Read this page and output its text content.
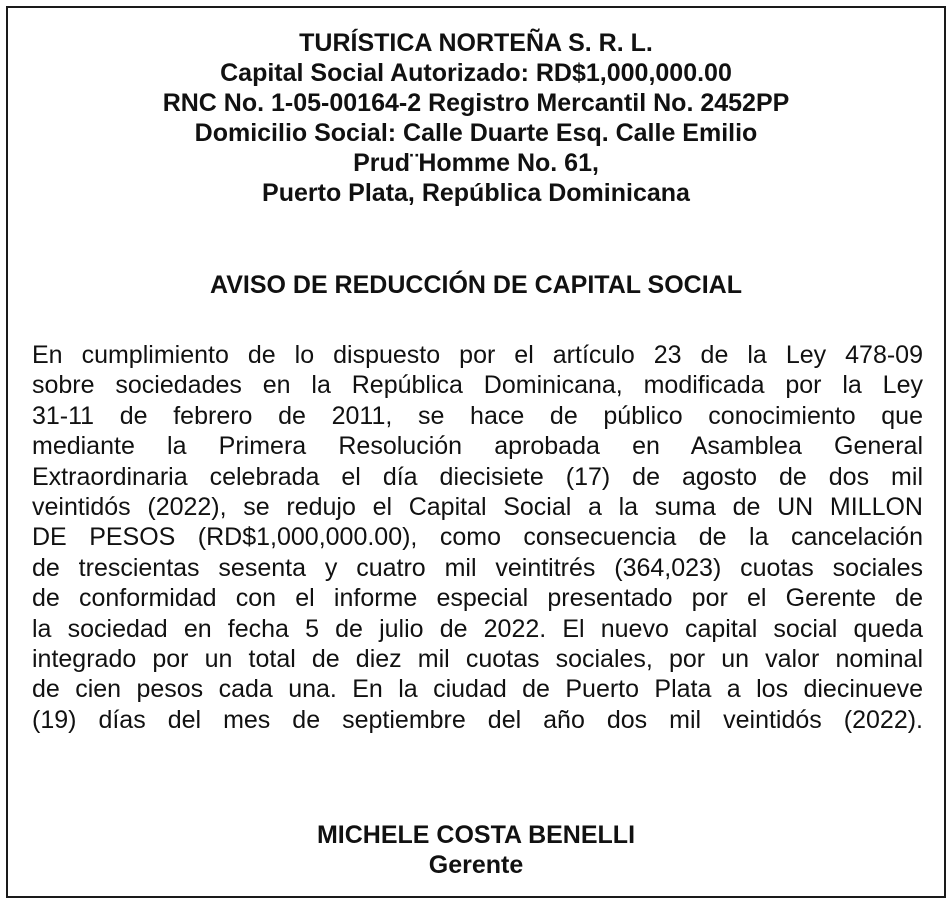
TURÍSTICA NORTEÑA S. R. L.
Capital Social Autorizado: RD$1,000,000.00
RNC No. 1-05-00164-2 Registro Mercantil No. 2452PP
Domicilio Social: Calle Duarte Esq. Calle Emilio
Prud¨Homme No. 61,
Puerto Plata, República Dominicana
AVISO DE REDUCCIÓN DE CAPITAL SOCIAL
En cumplimiento de lo dispuesto por el artículo 23 de la Ley 478-09
sobre sociedades en la República Dominicana, modificada por la Ley
31-11 de febrero de 2011, se hace de público conocimiento que
mediante la Primera Resolución aprobada en Asamblea General
Extraordinaria celebrada el día diecisiete (17) de agosto de dos mil
veintidós (2022), se redujo el Capital Social a la suma de UN MILLON
DE PESOS (RD$1,000,000.00), como consecuencia de la cancelación
de trescientas sesenta y cuatro mil veintitrés (364,023) cuotas sociales
de conformidad con el informe especial presentado por el Gerente de
la sociedad en fecha 5 de julio de 2022. El nuevo capital social queda
integrado por un total de diez mil cuotas sociales, por un valor nominal
de cien pesos cada una. En la ciudad de Puerto Plata a los diecinueve
(19) días del mes de septiembre del año dos mil veintidós (2022).
MICHELE COSTA BENELLI
Gerente
